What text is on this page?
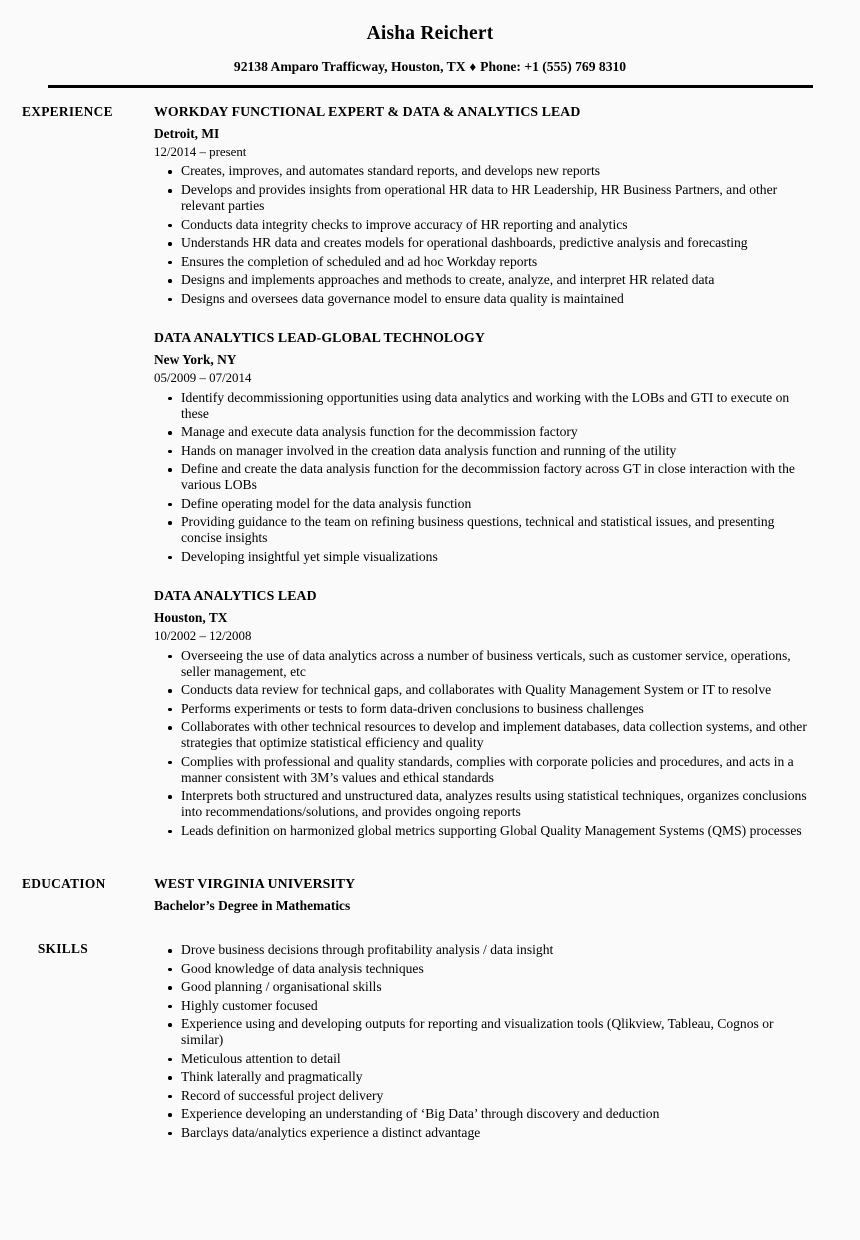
Aisha Reichert
92138 Amparo Trafficway, Houston, TX ♦ Phone: +1 (555) 769 8310
EXPERIENCE	WORKDAY FUNCTIONAL EXPERT & DATA & ANALYTICS LEAD
Detroit, MI
12/2014 – present
Creates, improves, and automates standard reports, and develops new reports
Develops and provides insights from operational HR data to HR Leadership, HR Business Partners, and other relevant parties
Conducts data integrity checks to improve accuracy of HR reporting and analytics
Understands HR data and creates models for operational dashboards, predictive analysis and forecasting
Ensures the completion of scheduled and ad hoc Workday reports
Designs and implements approaches and methods to create, analyze, and interpret HR related data
Designs and oversees data governance model to ensure data quality is maintained
DATA ANALYTICS LEAD-GLOBAL TECHNOLOGY
New York, NY
05/2009 – 07/2014
Identify decommissioning opportunities using data analytics and working with the LOBs and GTI to execute on these
Manage and execute data analysis function for the decommission factory
Hands on manager involved in the creation data analysis function and running of the utility
Define and create the data analysis function for the decommission factory across GT in close interaction with the various LOBs
Define operating model for the data analysis function
Providing guidance to the team on refining business questions, technical and statistical issues, and presenting concise insights
Developing insightful yet simple visualizations
DATA ANALYTICS LEAD
Houston, TX
10/2002 – 12/2008
Overseeing the use of data analytics across a number of business verticals, such as customer service, operations, seller management, etc
Conducts data review for technical gaps, and collaborates with Quality Management System or IT to resolve
Performs experiments or tests to form data-driven conclusions to business challenges
Collaborates with other technical resources to develop and implement databases, data collection systems, and other strategies that optimize statistical efficiency and quality
Complies with professional and quality standards, complies with corporate policies and procedures, and acts in a manner consistent with 3M’s values and ethical standards
Interprets both structured and unstructured data, analyzes results using statistical techniques, organizes conclusions into recommendations/solutions, and provides ongoing reports
Leads definition on harmonized global metrics supporting Global Quality Management Systems (QMS) processes
EDUCATION	WEST VIRGINIA UNIVERSITY
Bachelor’s Degree in Mathematics
SKILLS	Drove business decisions through profitability analysis / data insight
Good knowledge of data analysis techniques
Good planning / organisational skills
Highly customer focused
Experience using and developing outputs for reporting and visualization tools (Qlikview, Tableau, Cognos or similar)
Meticulous attention to detail
Think laterally and pragmatically
Record of successful project delivery
Experience developing an understanding of ‘Big Data’ through discovery and deduction
Barclays data/analytics experience a distinct advantage
